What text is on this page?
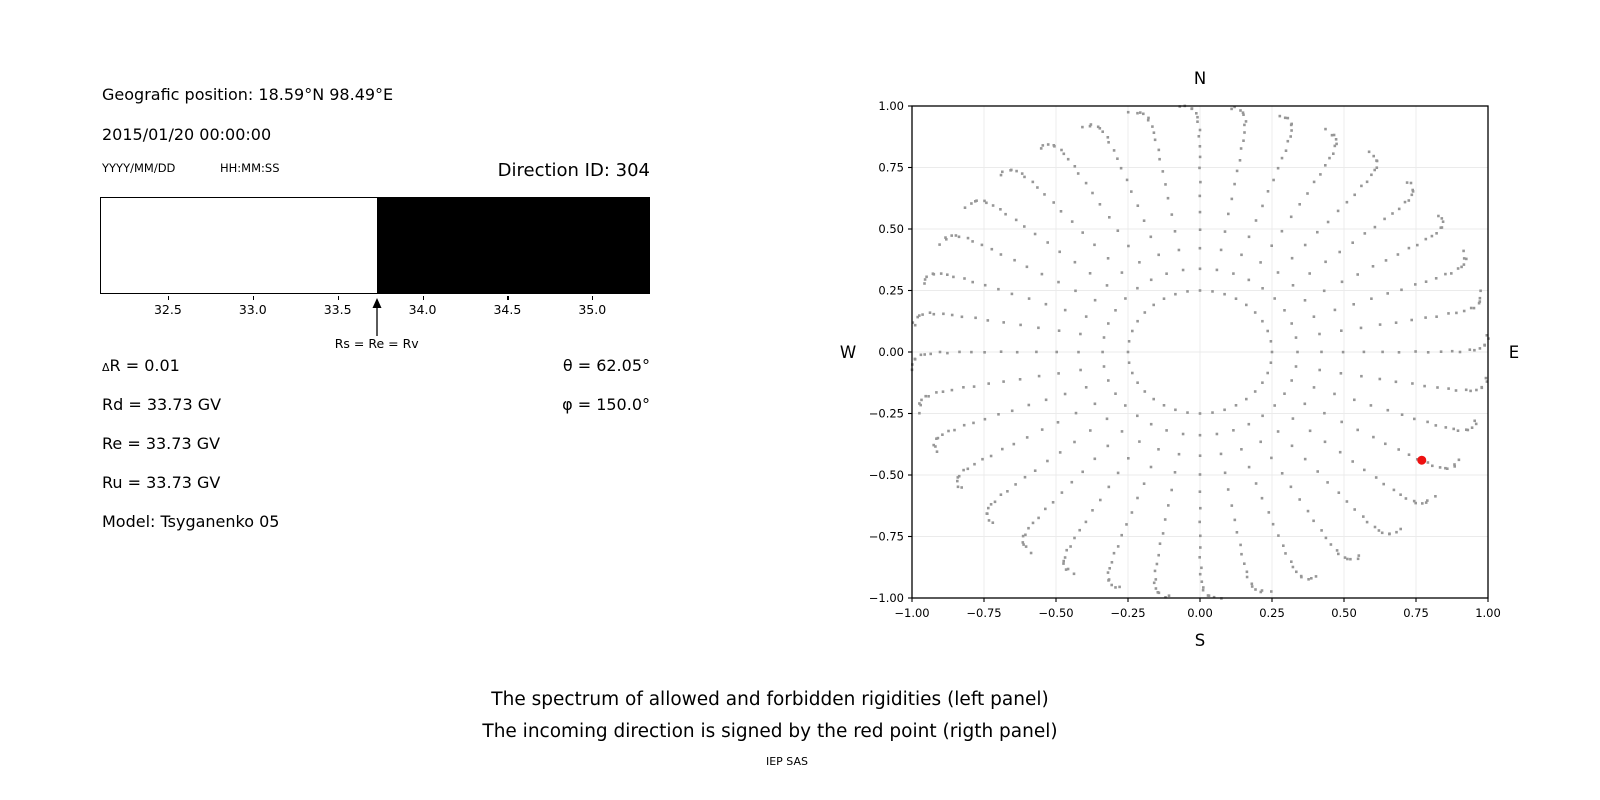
Geografic position: 18.59°N 98.49°E
2015/01/20 00:00:00
YYYY/MM/DD	HH:MM:SS	Direction ID: 304
32.5	33.0	33.5	34.0	34.5	35.0
Rs = Re = Rv
ΔR = 0.01
Rd = 33.73 GV
Re = 33.73 GV
Ru = 33.73 GV
Model: Tsyganenko 05
θ = 62.05°
φ = 150.0°
−1.00
−1.00
−0.75
−0.75
−0.50
−0.50
−0.25
−0.25
0.00
0.00
0.25
0.25
0.50
0.50
0.75
0.75
1.00
1.00
N
S
W	E
The spectrum of allowed and forbidden rigidities (left panel)
The incoming direction is signed by the red point (rigth panel)
IEP SAS
